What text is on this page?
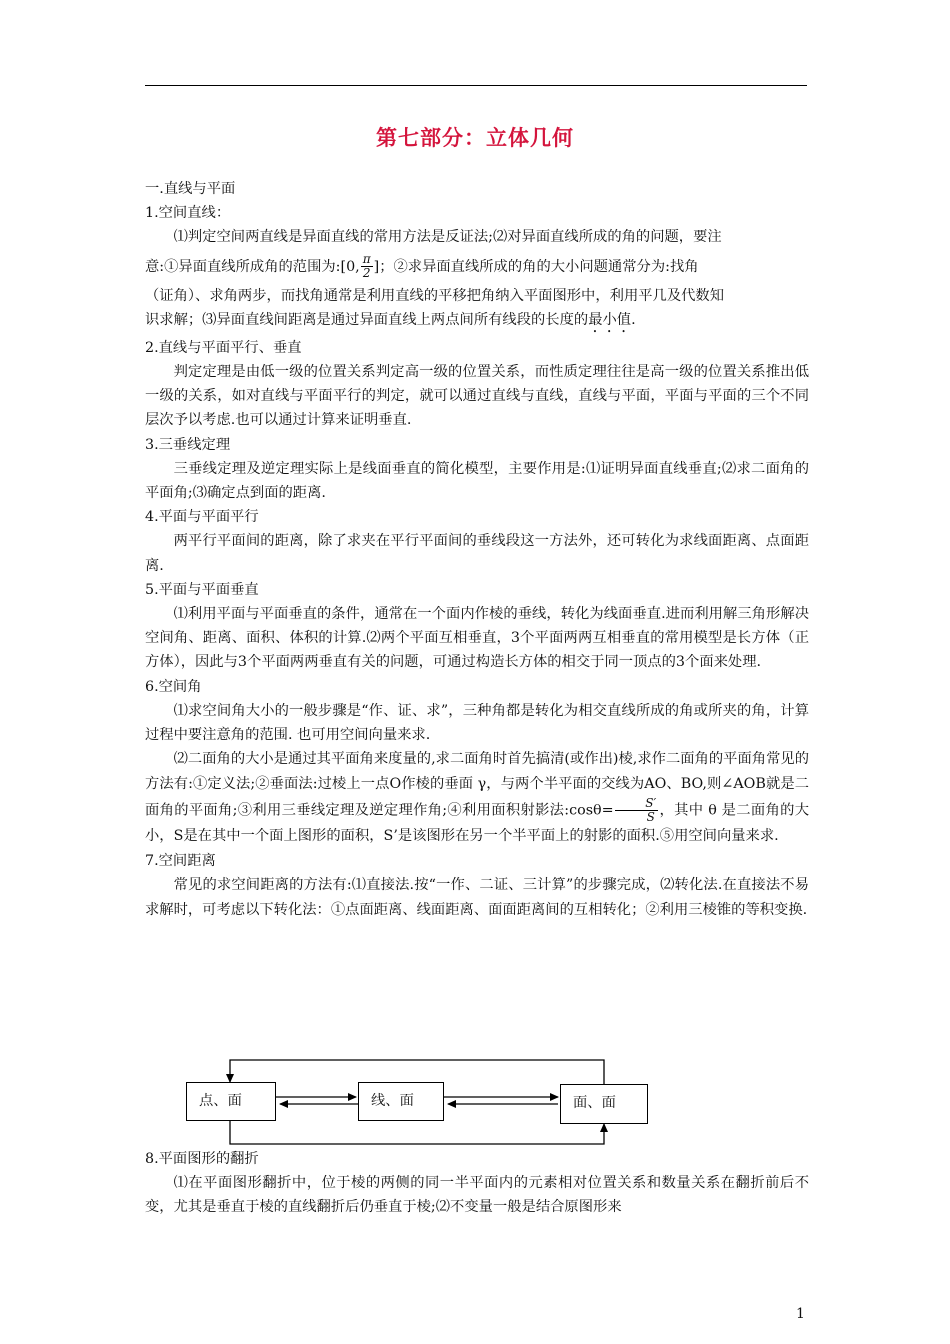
第七部分：立体几何

一.直线与平面

1.空间直线：

⑴判定空间两直线是异面直线的常用方法是反证法;⑵对异面直线所成的角的问题，要注

意:①异面直线所成角的范围为:[0, $\frac{\pi}{2}$ ]；②求异面直线所成的角的大小问题通常分为:找角

（证角）、求角两步，而找角通常是利用直线的平移把角纳入平面图形中，利用平几及代数知

识求解；⑶异面直线间距离是通过异面直线上两点间所有线段的长度的最小值.

2.直线与平面平行、垂直

判定定理是由低一级的位置关系判定高一级的位置关系，而性质定理往往是高一级的位置关系推出低一级的关系，如对直线与平面平行的判定，就可以通过直线与直线，直线与平面，平面与平面的三个不同层次予以考虑.也可以通过计算来证明垂直.

3.三垂线定理

三垂线定理及逆定理实际上是线面垂直的简化模型，主要作用是:⑴证明异面直线垂直;⑵求二面角的平面角;⑶确定点到面的距离.

4.平面与平面平行

两平行平面间的距离，除了求夹在平行平面间的垂线段这一方法外，还可转化为求线面距离、点面距离.

5.平面与平面垂直

⑴利用平面与平面垂直的条件，通常在一个面内作棱的垂线，转化为线面垂直.进而利用解三角形解决空间角、距离、面积、体积的计算.⑵两个平面互相垂直，3个平面两两互相垂直的常用模型是长方体（正方体），因此与3个平面两两垂直有关的问题，可通过构造长方体的相交于同一顶点的3个面来处理.

6.空间角

⑴求空间角大小的一般步骤是“作、证、求”，三种角都是转化为相交直线所成的角或所夹的角，计算过程中要注意角的范围. 也可用空间向量来求.

⑵二面角的大小是通过其平面角来度量的,求二面角时首先搞清(或作出)棱,求作二面角的平面角常见的方法有:①定义法;②垂面法:过棱上一点O作棱的垂面 γ，与两个半平面的交线为AO、BO,则∠AOB就是二面角的平面角;③利用三垂线定理及逆定理作角;④利用面积射影法:cosθ= $\frac{S'}{S}$ ，其中 θ 是二面角的大小，S是在其中一个面上图形的面积，S’是该图形在另一个半平面上的射影的面积.⑤用空间向量来求.

7.空间距离

常见的求空间距离的方法有:⑴直接法.按“一作、二证、三计算”的步骤完成，⑵转化法.在直接法不易求解时，可考虑以下转化法：①点面距离、线面距离、面面距离间的互相转化；②利用三棱锥的等积变换.

点、面	线、面	面、面

8.平面图形的翻折

⑴在平面图形翻折中，位于棱的两侧的同一半平面内的元素相对位置关系和数量关系在翻折前后不变，尤其是垂直于棱的直线翻折后仍垂直于棱;⑵不变量一般是结合原图形来

1
